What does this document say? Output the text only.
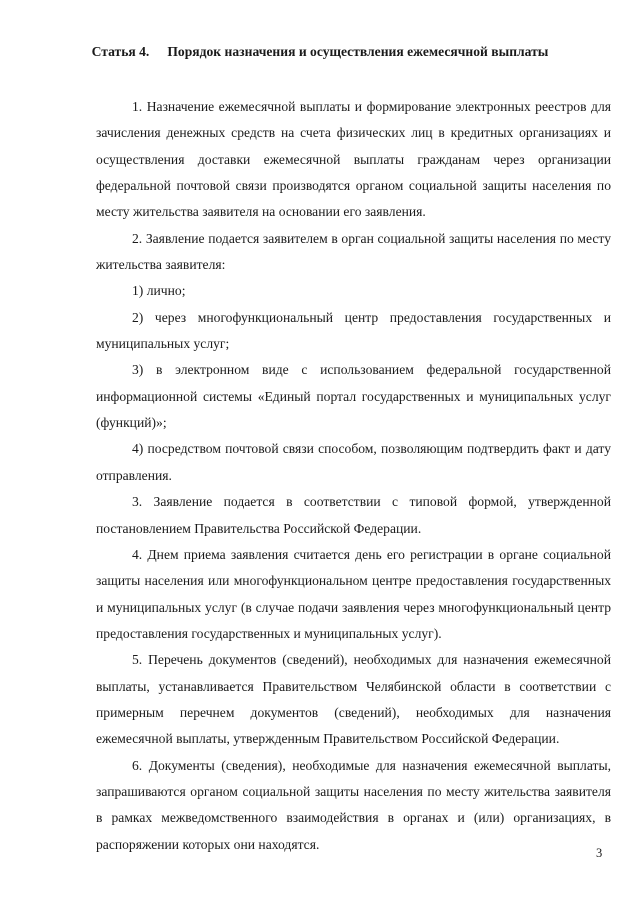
Статья 4. Порядок назначения и осуществления ежемесячной выплаты

1. Назначение ежемесячной выплаты и формирование электронных реестров для зачисления денежных средств на счета физических лиц в кредитных организациях и осуществления доставки ежемесячной выплаты гражданам через организации федеральной почтовой связи производятся органом социальной защиты населения по месту жительства заявителя на основании его заявления.

2. Заявление подается заявителем в орган социальной защиты населения по месту жительства заявителя:

1) лично;

2) через многофункциональный центр предоставления государственных и муниципальных услуг;

3) в электронном виде с использованием федеральной государственной информационной системы «Единый портал государственных и муниципальных услуг (функций)»;

4) посредством почтовой связи способом, позволяющим подтвердить факт и дату отправления.

3. Заявление подается в соответствии с типовой формой, утвержденной постановлением Правительства Российской Федерации.

4. Днем приема заявления считается день его регистрации в органе социальной защиты населения или многофункциональном центре предоставления государственных и муниципальных услуг (в случае подачи заявления через многофункциональный центр предоставления государственных и муниципальных услуг).

5. Перечень документов (сведений), необходимых для назначения ежемесячной выплаты, устанавливается Правительством Челябинской области в соответствии с примерным перечнем документов (сведений), необходимых для назначения ежемесячной выплаты, утвержденным Правительством Российской Федерации.

6. Документы (сведения), необходимые для назначения ежемесячной выплаты, запрашиваются органом социальной защиты населения по месту жительства заявителя в рамках межведомственного взаимодействия в органах и (или) организациях, в распоряжении которых они находятся.

3
